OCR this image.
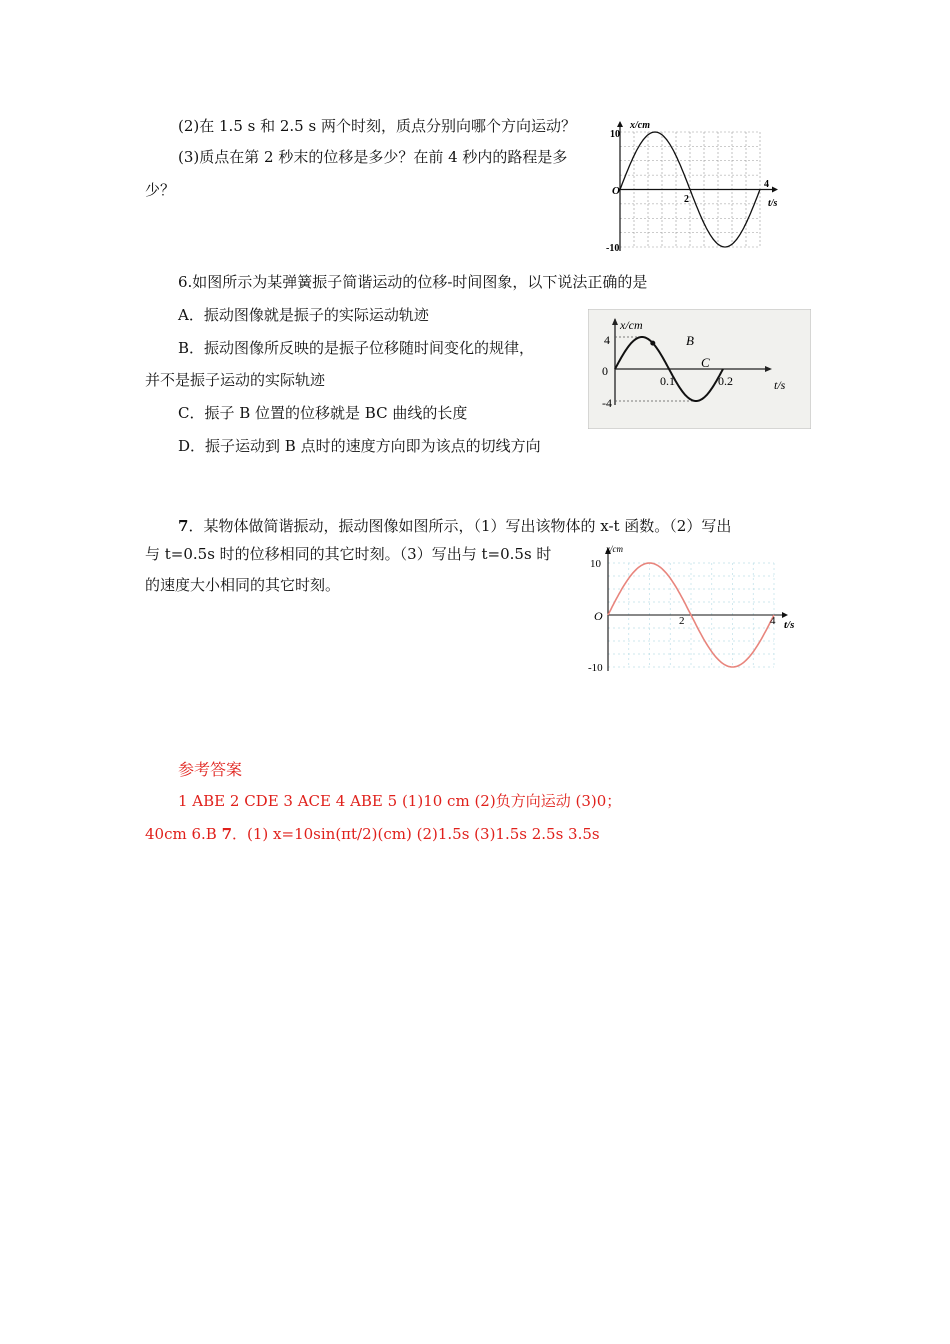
(2)在 1.5 s 和 2.5 s 两个时刻，质点分别向哪个方向运动？
(3)质点在第 2 秒末的位移是多少？在前 4 秒内的路程是多
少？
x/cm
t/s
O
10
-10
2
4
6.如图所示为某弹簧振子简谐运动的位移-时间图象，以下说法正确的是
A．振动图像就是振子的实际运动轨迹
B．振动图像所反映的是振子位移随时间变化的规律，
并不是振子运动的实际轨迹
C．振子 B 位置的位移就是 BC 曲线的长度
D．振子运动到 B 点时的速度方向即为该点的切线方向
x/cm
t/s
0
4
-4
0.1	0.2
B
C
7．某物体做简谐振动，振动图像如图所示，（1）写出该物体的 x-t 函数。（2）写出
与 t=0.5s 时的位移相同的其它时刻。（3）写出与 t=0.5s 时
的速度大小相同的其它时刻。
x/cm
t/s
O
10
-10
2	4
参考答案
1 ABE 2 CDE 3 ACE 4 ABE 5 (1)10 cm (2)负方向运动 (3)0；
40cm 6.B 7．(1) x=10sin(πt/2)(cm) (2)1.5s (3)1.5s 2.5s 3.5s
